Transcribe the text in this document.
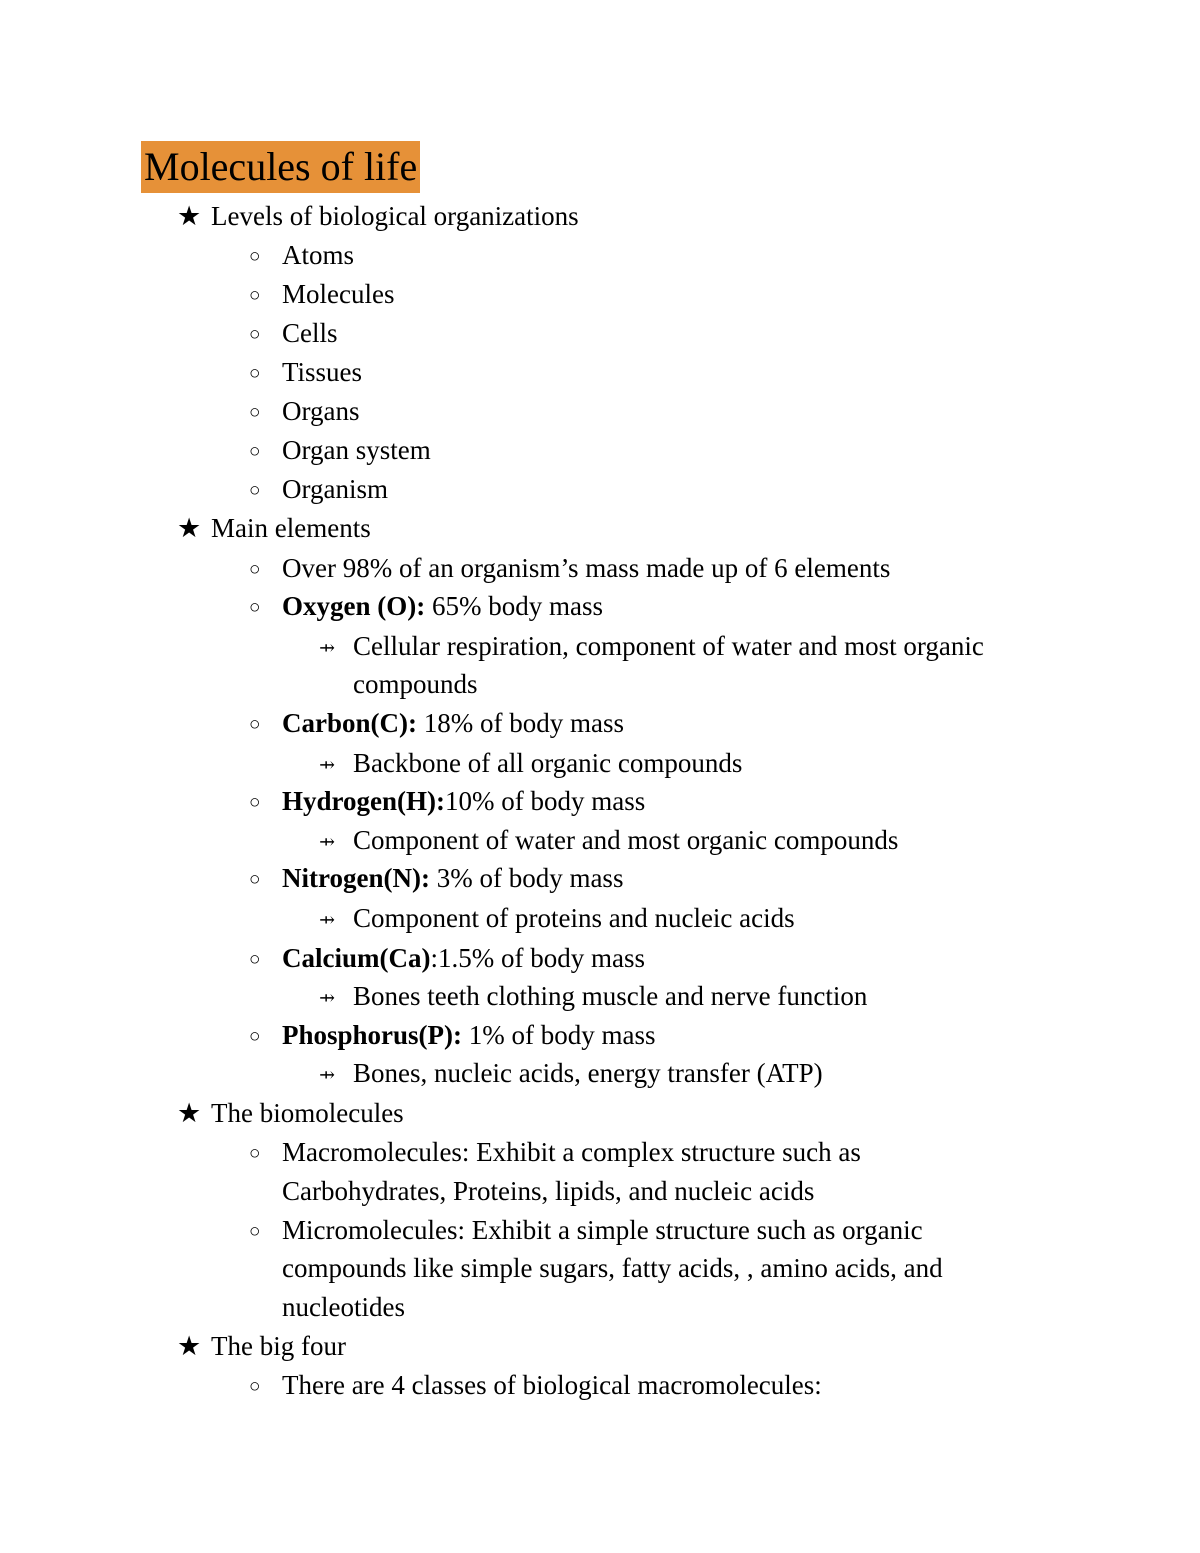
Molecules of life
★ Levels of biological organizations
○ Atoms
○ Molecules
○ Cells
○ Tissues
○ Organs
○ Organ system
○ Organism
★ Main elements
○ Over 98% of an organism’s mass made up of 6 elements
○ Oxygen (O): 65% body mass
⇸ Cellular respiration, component of water and most organic
compounds
○ Carbon(C): 18% of body mass
⇸ Backbone of all organic compounds
○ Hydrogen(H):10% of body mass
⇸ Component of water and most organic compounds
○ Nitrogen(N): 3% of body mass
⇸ Component of proteins and nucleic acids
○ Calcium(Ca):1.5% of body mass
⇸ Bones teeth clothing muscle and nerve function
○ Phosphorus(P): 1% of body mass
⇸ Bones, nucleic acids, energy transfer (ATP)
★ The biomolecules
○ Macromolecules: Exhibit a complex structure such as
Carbohydrates, Proteins, lipids, and nucleic acids
○ Micromolecules: Exhibit a simple structure such as organic
compounds like simple sugars, fatty acids, , amino acids, and
nucleotides
★ The big four
○ There are 4 classes of biological macromolecules:
